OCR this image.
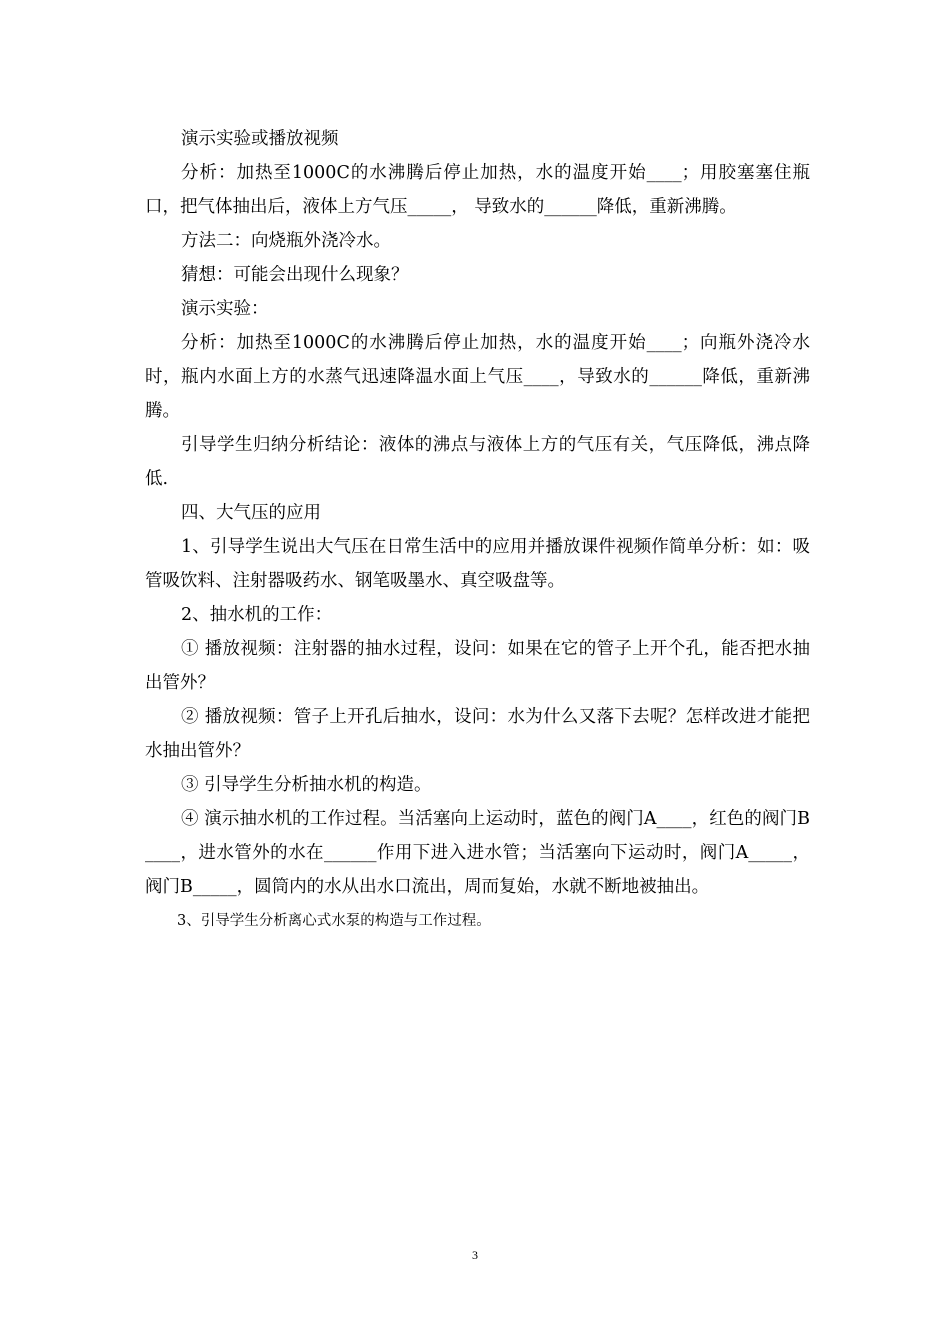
演示实验或播放视频

分析：加热至1000C的水沸腾后停止加热，水的温度开始____；用胶塞塞住瓶口，把气体抽出后，液体上方气压_____， 导致水的______降低，重新沸腾。

方法二：向烧瓶外浇冷水。

猜想：可能会出现什么现象？

演示实验：

分析：加热至1000C的水沸腾后停止加热，水的温度开始____；向瓶外浇冷水时，瓶内水面上方的水蒸气迅速降温水面上气压____，导致水的______降低，重新沸腾。

引导学生归纳分析结论：液体的沸点与液体上方的气压有关，气压降低，沸点降低.

四、大气压的应用

1、引导学生说出大气压在日常生活中的应用并播放课件视频作简单分析：如：吸管吸饮料、注射器吸药水、钢笔吸墨水、真空吸盘等。

2、抽水机的工作：

① 播放视频：注射器的抽水过程，设问：如果在它的管子上开个孔，能否把水抽出管外？

② 播放视频：管子上开孔后抽水，设问：水为什么又落下去呢？怎样改进才能把水抽出管外？

③ 引导学生分析抽水机的构造。

④ 演示抽水机的工作过程。当活塞向上运动时，蓝色的阀门A____，红色的阀门B____，进水管外的水在______作用下进入进水管；当活塞向下运动时，阀门A_____，阀门B_____，圆筒内的水从出水口流出，周而复始，水就不断地被抽出。

3、引导学生分析离心式水泵的构造与工作过程。

3
